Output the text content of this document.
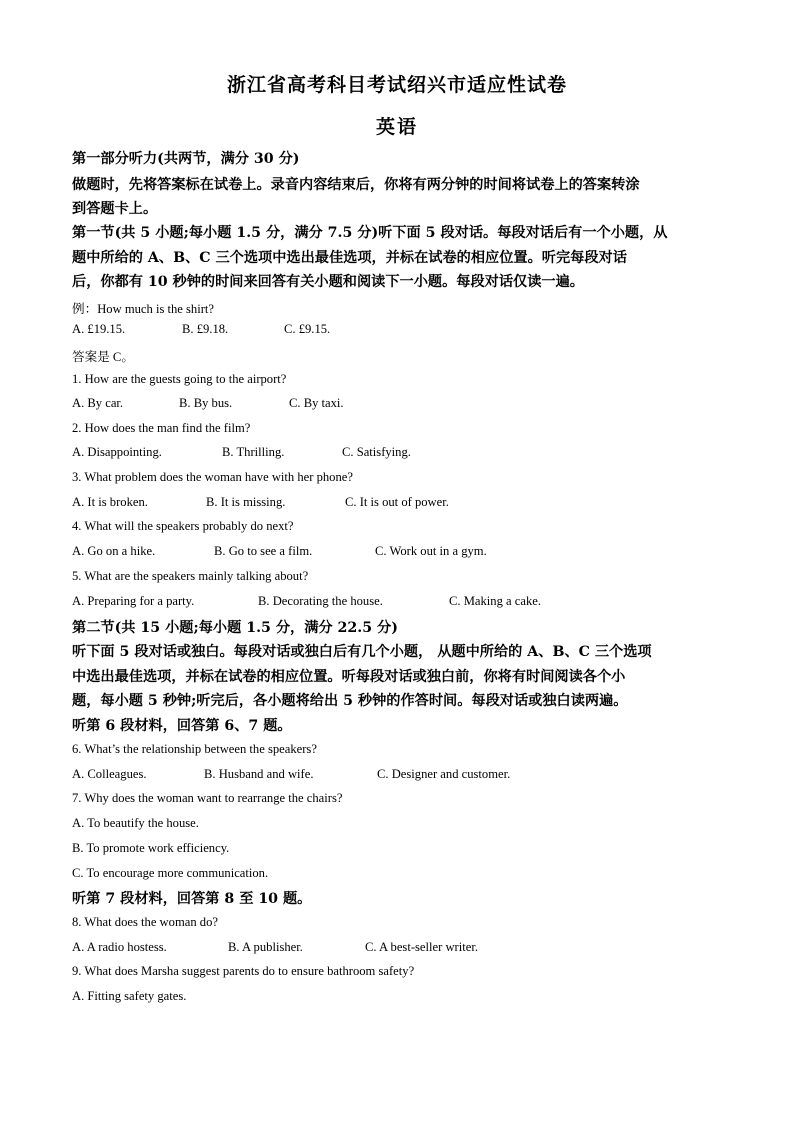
浙江省高考科目考试绍兴市适应性试卷
英语
第一部分听力(共两节，满分 30 分)
做题时，先将答案标在试卷上。录音内容结束后，你将有两分钟的时间将试卷上的答案转涂
到答题卡上。
第一节(共 5 小题;每小题 1.5 分，满分 7.5 分)听下面 5 段对话。每段对话后有一个小题，从
题中所给的 A、B、C 三个选项中选出最佳选项，并标在试卷的相应位置。听完每段对话
后，你都有 10 秒钟的时间来回答有关小题和阅读下一小题。每段对话仅读一遍。
例：How much is the shirt?
A. £19.15.	B. £9.18.	C. £9.15.
答案是 C。
1. How are the guests going to the airport?
A. By car.	B. By bus.	C. By taxi.
2. How does the man find the film?
A. Disappointing.	B. Thrilling.	C. Satisfying.
3. What problem does the woman have with her phone?
A. It is broken.	B. It is missing.	C. It is out of power.
4. What will the speakers probably do next?
A. Go on a hike.	B. Go to see a film.	C. Work out in a gym.
5. What are the speakers mainly talking about?
A. Preparing for a party.	B. Decorating the house.	C. Making a cake.
第二节(共 15 小题;每小题 1.5 分，满分 22.5 分)
听下面 5 段对话或独白。每段对话或独白后有几个小题， 从题中所给的 A、B、C 三个选项
中选出最佳选项，并标在试卷的相应位置。听每段对话或独白前，你将有时间阅读各个小
题，每小题 5 秒钟;听完后，各小题将给出 5 秒钟的作答时间。每段对话或独白读两遍。
听第 6 段材料，回答第 6、7 题。
6. What’s the relationship between the speakers?
A. Colleagues.	B. Husband and wife.	C. Designer and customer.
7. Why does the woman want to rearrange the chairs?
A. To beautify the house.
B. To promote work efficiency.
C. To encourage more communication.
听第 7 段材料，回答第 8 至 10 题。
8. What does the woman do?
A. A radio hostess.	B. A publisher.	C. A best-seller writer.
9. What does Marsha suggest parents do to ensure bathroom safety?
A. Fitting safety gates.
